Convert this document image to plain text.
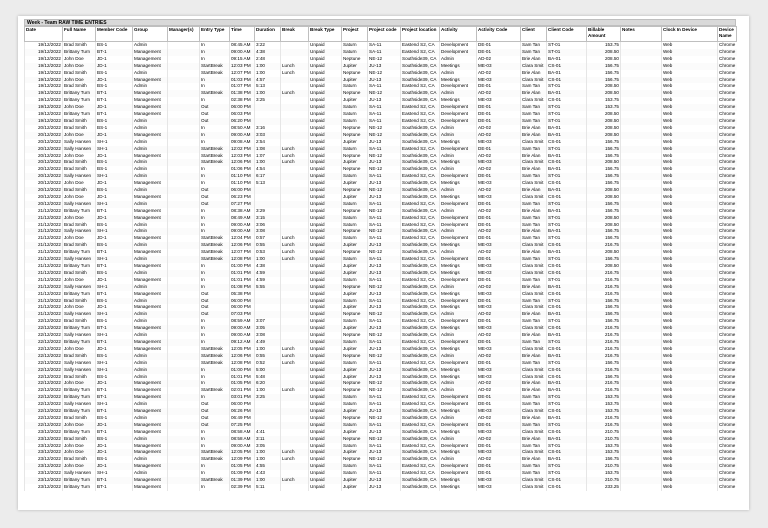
Week - Team RAW TIME ENTRIES
Date	Full Name	Member Code	Group	Manager(s)	Entry Type	Time	Duration	Break	Break Type	Project	Project code	Project location	Activity	Activity Code	Client	Client Code	Billable Amount	Notes	Clock In Device	Device Name
19/12/2022	Brad Smith	BS-1	Admin		In	08:45 AM	3:22		Unpaid	Saturn	SA-11	Eastend S2, CA	Development	DE-01	Sam Tan	ST-01	153.75		Web	Chrome
19/12/2022	Brittany Turn	BT-1	Management		In	09:00 AM	4:38		Unpaid	Saturn	SA-11	Eastend S2, CA	Development	DE-01	Sam Tan	ST-01	208.50		Web	Chrome
19/12/2022	John Doe	JD-1	Management		In	09:15 AM	2:48		Unpaid	Neptune	NE-12	Southside39, CA	Admin	AD-02	Brie Alan	BA-01	208.50		Web	Chrome
19/12/2022	John Doe	JD-1	Management		StartBreak	12:03 PM	1:00	Lunch	Unpaid	Jupiter	JU-13	Southside39, CA	Meetings	ME-03	Clara Smit	CS-01	156.75		Web	Chrome
19/12/2022	Brad Smith	BS-1	Admin		StartBreak	12:07 PM	1:00	Lunch	Unpaid	Neptune	NE-12	Southside39, CA	Admin	AD-02	Brie Alan	BA-01	156.75		Web	Chrome
19/12/2022	John Doe	JD-1	Management		In	01:03 PM	4:57		Unpaid	Jupiter	JU-13	Southside39, CA	Meetings	ME-03	Clara Smit	CS-01	156.75		Web	Chrome
19/12/2022	Brad Smith	BS-1	Admin		In	01:07 PM	5:13		Unpaid	Saturn	SA-11	Eastend S2, CA	Development	DE-01	Sam Tan	ST-01	208.50		Web	Chrome
19/12/2022	Brittany Turn	BT-1	Management		StartBreak	01:38 PM	1:00	Lunch	Unpaid	Neptune	NE-12	Southside39, CA	Admin	AD-02	Brie Alan	BA-01	208.50		Web	Chrome
19/12/2022	Brittany Turn	BT-1	Management		In	02:38 PM	3:25		Unpaid	Jupiter	JU-13	Southside39, CA	Meetings	ME-03	Clara Smit	CS-01	153.75		Web	Chrome
19/12/2022	John Doe	JD-1	Management		Out	06:00 PM			Unpaid	Saturn	SA-11	Eastend S2, CA	Development	DE-01	Sam Tan	ST-01	153.75		Web	Chrome
19/12/2022	Brittany Turn	BT-1	Management		Out	06:03 PM			Unpaid	Saturn	SA-11	Eastend S2, CA	Development	DE-01	Sam Tan	ST-01	208.50		Web	Chrome
19/12/2022	Brad Smith	BS-1	Admin		Out	06:20 PM			Unpaid	Saturn	SA-11	Eastend S2, CA	Development	DE-01	Sam Tan	ST-01	208.50		Web	Chrome
20/12/2022	Brad Smith	BS-1	Admin		In	08:50 AM	3:16		Unpaid	Neptune	NE-12	Southside39, CA	Admin	AD-02	Brie Alan	BA-01	208.50		Web	Chrome
20/12/2022	John Doe	JD-1	Management		In	09:00 AM	3:03		Unpaid	Neptune	NE-12	Southside39, CA	Admin	AD-02	Brie Alan	BA-01	208.50		Web	Chrome
20/12/2022	Sally Hansen	SH-1	Admin		In	09:08 AM	2:54		Unpaid	Jupiter	JU-13	Southside39, CA	Meetings	ME-03	Clara Smit	CS-01	156.75		Web	Chrome
20/12/2022	Sally Hansen	SH-1	Admin		StartBreak	12:02 PM	1:08	Lunch	Unpaid	Saturn	SA-11	Eastend S2, CA	Development	DE-01	Sam Tan	ST-01	156.75		Web	Chrome
20/12/2022	John Doe	JD-1	Management		StartBreak	12:03 PM	1:07	Lunch	Unpaid	Neptune	NE-12	Southside39, CA	Admin	AD-02	Brie Alan	BA-01	156.75		Web	Chrome
20/12/2022	Brad Smith	BS-1	Admin		StartBreak	12:06 PM	1:00	Lunch	Unpaid	Jupiter	JU-13	Southside39, CA	Meetings	ME-03	Clara Smit	CS-01	208.50		Web	Chrome
20/12/2022	Brad Smith	BS-1	Admin		In	01:06 PM	4:54		Unpaid	Neptune	NE-12	Southside39, CA	Admin	AD-02	Brie Alan	BA-01	156.75		Web	Chrome
20/12/2022	Sally Hansen	SH-1	Admin		In	01:10 PM	6:17		Unpaid	Saturn	SA-11	Eastend S2, CA	Development	DE-01	Sam Tan	ST-01	156.75		Web	Chrome
20/12/2022	John Doe	JD-1	Management		In	01:10 PM	5:13		Unpaid	Jupiter	JU-13	Southside39, CA	Meetings	ME-03	Clara Smit	CS-01	156.75		Web	Chrome
20/12/2022	Brad Smith	BS-1	Admin		Out	06:00 PM			Unpaid	Neptune	NE-12	Southside39, CA	Admin	AD-02	Brie Alan	BA-01	208.50		Web	Chrome
20/12/2022	John Doe	JD-1	Management		Out	06:23 PM			Unpaid	Jupiter	JU-13	Southside39, CA	Meetings	ME-03	Clara Smit	CS-01	208.50		Web	Chrome
20/12/2022	Sally Hansen	SH-1	Admin		Out	07:27 PM			Unpaid	Saturn	SA-11	Eastend S2, CA	Development	DE-01	Sam Tan	ST-01	156.75		Web	Chrome
21/12/2022	Brittany Turn	BT-1	Management		In	08:38 AM	3:29		Unpaid	Neptune	NE-12	Southside39, CA	Admin	AD-02	Brie Alan	BA-01	156.75		Web	Chrome
21/12/2022	John Doe	JD-1	Management		In	08:49 AM	3:15		Unpaid	Saturn	SA-11	Eastend S2, CA	Development	DE-01	Sam Tan	ST-01	208.50		Web	Chrome
21/12/2022	Brad Smith	BS-1	Admin		In	09:00 AM	3:06		Unpaid	Saturn	SA-11	Eastend S2, CA	Development	DE-01	Sam Tan	ST-01	208.50		Web	Chrome
21/12/2022	Sally Hansen	SH-1	Admin		In	09:00 AM	3:08		Unpaid	Neptune	NE-12	Southside39, CA	Admin	AD-02	Brie Alan	BA-01	156.75		Web	Chrome
21/12/2022	John Doe	JD-1	Management		StartBreak	12:04 PM	0:57	Lunch	Unpaid	Saturn	SA-11	Eastend S2, CA	Development	DE-01	Sam Tan	ST-01	156.75		Web	Chrome
21/12/2022	Brad Smith	BS-1	Admin		StartBreak	12:06 PM	0:55	Lunch	Unpaid	Jupiter	JU-13	Southside39, CA	Meetings	ME-03	Clara Smit	CS-01	216.75		Web	Chrome
21/12/2022	Brittany Turn	BT-1	Management		StartBreak	12:07 PM	0:53	Lunch	Unpaid	Neptune	NE-12	Southside39, CA	Admin	AD-02	Brie Alan	BA-01	208.50		Web	Chrome
21/12/2022	Sally Hansen	SH-1	Admin		StartBreak	12:08 PM	1:00	Lunch	Unpaid	Saturn	SA-11	Eastend S2, CA	Development	DE-01	Sam Tan	ST-01	156.75		Web	Chrome
21/12/2022	Brittany Turn	BT-1	Management		In	01:00 PM	4:38		Unpaid	Jupiter	JU-13	Southside39, CA	Meetings	ME-03	Clara Smit	CS-01	208.50		Web	Chrome
21/12/2022	Brad Smith	BS-1	Admin		In	01:01 PM	4:59		Unpaid	Jupiter	JU-13	Southside39, CA	Meetings	ME-03	Clara Smit	CS-01	216.75		Web	Chrome
21/12/2022	John Doe	JD-1	Management		In	01:01 PM	4:59		Unpaid	Saturn	SA-11	Eastend S2, CA	Development	DE-01	Sam Tan	ST-01	216.75		Web	Chrome
21/12/2022	Sally Hansen	SH-1	Admin		In	01:08 PM	5:55		Unpaid	Neptune	NE-12	Southside39, CA	Admin	AD-02	Brie Alan	BA-01	216.75		Web	Chrome
21/12/2022	Brittany Turn	BT-1	Management		Out	05:38 PM			Unpaid	Jupiter	JU-13	Southside39, CA	Meetings	ME-03	Clara Smit	CS-01	216.75		Web	Chrome
21/12/2022	Brad Smith	BS-1	Admin		Out	06:00 PM			Unpaid	Saturn	SA-11	Eastend S2, CA	Development	DE-01	Sam Tan	ST-01	156.75		Web	Chrome
21/12/2022	John Doe	JD-1	Management		Out	06:00 PM			Unpaid	Jupiter	JU-13	Southside39, CA	Meetings	ME-03	Clara Smit	CS-01	156.75		Web	Chrome
21/12/2022	Sally Hansen	SH-1	Admin		Out	07:03 PM			Unpaid	Neptune	NE-12	Southside39, CA	Admin	AD-02	Brie Alan	BA-01	156.75		Web	Chrome
22/12/2022	Brad Smith	BS-1	Admin		In	08:59 AM	3:07		Unpaid	Saturn	SA-11	Eastend S2, CA	Development	DE-01	Sam Tan	ST-01	156.75		Web	Chrome
22/12/2022	Brittany Turn	BT-1	Management		In	09:00 AM	3:05		Unpaid	Jupiter	JU-13	Southside39, CA	Meetings	ME-03	Clara Smit	CS-01	216.75		Web	Chrome
22/12/2022	Sally Hansen	SH-1	Admin		In	09:00 AM	3:08		Unpaid	Neptune	NE-12	Southside39, CA	Admin	AD-02	Brie Alan	BA-01	216.75		Web	Chrome
22/12/2022	Brittany Turn	BT-1	Management		In	09:12 AM	4:49		Unpaid	Saturn	SA-11	Eastend S2, CA	Development	DE-01	Sam Tan	ST-01	216.75		Web	Chrome
22/12/2022	John Doe	JD-1	Management		StartBreak	12:05 PM	1:00	Lunch	Unpaid	Jupiter	JU-13	Southside39, CA	Meetings	ME-03	Clara Smit	CS-01	216.75		Web	Chrome
22/12/2022	Brad Smith	BS-1	Admin		StartBreak	12:06 PM	0:55	Lunch	Unpaid	Neptune	NE-12	Southside39, CA	Admin	AD-02	Brie Alan	BA-01	216.75		Web	Chrome
22/12/2022	Sally Hansen	SH-1	Admin		StartBreak	12:08 PM	0:52	Lunch	Unpaid	Saturn	SA-11	Eastend S2, CA	Development	DE-01	Sam Tan	ST-01	156.75		Web	Chrome
22/12/2022	Sally Hansen	SH-1	Admin		In	01:00 PM	5:00		Unpaid	Jupiter	JU-13	Southside39, CA	Meetings	ME-03	Clara Smit	CS-01	216.75		Web	Chrome
22/12/2022	Brad Smith	BS-1	Admin		In	01:01 PM	5:48		Unpaid	Jupiter	JU-13	Southside39, CA	Meetings	ME-03	Clara Smit	CS-01	156.75		Web	Chrome
22/12/2022	John Doe	JD-1	Management		In	01:05 PM	6:20		Unpaid	Neptune	NE-12	Southside39, CA	Admin	AD-02	Brie Alan	BA-01	216.75		Web	Chrome
22/12/2022	Brittany Turn	BT-1	Management		StartBreak	02:01 PM	1:00	Lunch	Unpaid	Neptune	NE-12	Southside39, CA	Admin	AD-02	Brie Alan	BA-01	216.75		Web	Chrome
22/12/2022	Brittany Turn	BT-1	Management		In	03:01 PM	3:25		Unpaid	Saturn	SA-11	Eastend S2, CA	Development	DE-01	Sam Tan	ST-01	153.75		Web	Chrome
22/12/2022	Sally Hansen	SH-1	Admin		Out	06:00 PM			Unpaid	Saturn	SA-11	Eastend S2, CA	Development	DE-01	Sam Tan	ST-01	153.75		Web	Chrome
22/12/2022	Brittany Turn	BT-1	Management		Out	06:26 PM			Unpaid	Jupiter	JU-13	Southside39, CA	Meetings	ME-03	Clara Smit	CS-01	153.75		Web	Chrome
22/12/2022	Brad Smith	BS-1	Admin		Out	06:49 PM			Unpaid	Neptune	NE-12	Southside39, CA	Admin	AD-02	Brie Alan	BA-01	216.75		Web	Chrome
22/12/2022	John Doe	JD-1	Management		Out	07:25 PM			Unpaid	Saturn	SA-11	Eastend S2, CA	Development	DE-01	Sam Tan	ST-01	216.75		Web	Chrome
23/12/2022	Brittany Turn	BT-1	Management		In	08:58 AM	4:41		Unpaid	Jupiter	JU-13	Southside39, CA	Meetings	ME-03	Clara Smit	CS-01	210.75		Web	Chrome
23/12/2022	Brad Smith	BS-1	Admin		In	08:58 AM	3:11		Unpaid	Neptune	NE-12	Southside39, CA	Admin	AD-02	Brie Alan	BA-01	210.75		Web	Chrome
23/12/2022	John Doe	JD-1	Management		In	09:00 AM	3:05		Unpaid	Saturn	SA-11	Eastend S2, CA	Development	DE-01	Sam Tan	ST-01	153.75		Web	Chrome
23/12/2022	John Doe	JD-1	Management		StartBreak	12:05 PM	1:00	Lunch	Unpaid	Jupiter	JU-13	Southside39, CA	Meetings	ME-03	Clara Smit	CS-01	153.75		Web	Chrome
23/12/2022	Brad Smith	BS-1	Admin		StartBreak	12:09 PM	1:00	Lunch	Unpaid	Neptune	NE-12	Southside39, CA	Admin	AD-02	Brie Alan	BA-01	156.75		Web	Chrome
23/12/2022	John Doe	JD-1	Management		In	01:05 PM	4:55		Unpaid	Saturn	SA-11	Eastend S2, CA	Development	DE-01	Sam Tan	ST-01	210.75		Web	Chrome
23/12/2022	Sally Hansen	SH-1	Admin		In	01:09 PM	4:43		Unpaid	Saturn	SA-11	Eastend S2, CA	Development	DE-01	Sam Tan	ST-01	153.75		Web	Chrome
23/12/2022	Brittany Turn	BT-1	Management		StartBreak	01:39 PM	1:00	Lunch	Unpaid	Jupiter	JU-13	Southside39, CA	Meetings	ME-03	Clara Smit	CS-01	210.75		Web	Chrome
23/12/2022	Brittany Turn	BT-1	Management		In	02:39 PM	5:11		Unpaid	Jupiter	JU-13	Southside39, CA	Meetings	ME-03	Clara Smit	CS-01	233.25		Web	Chrome
